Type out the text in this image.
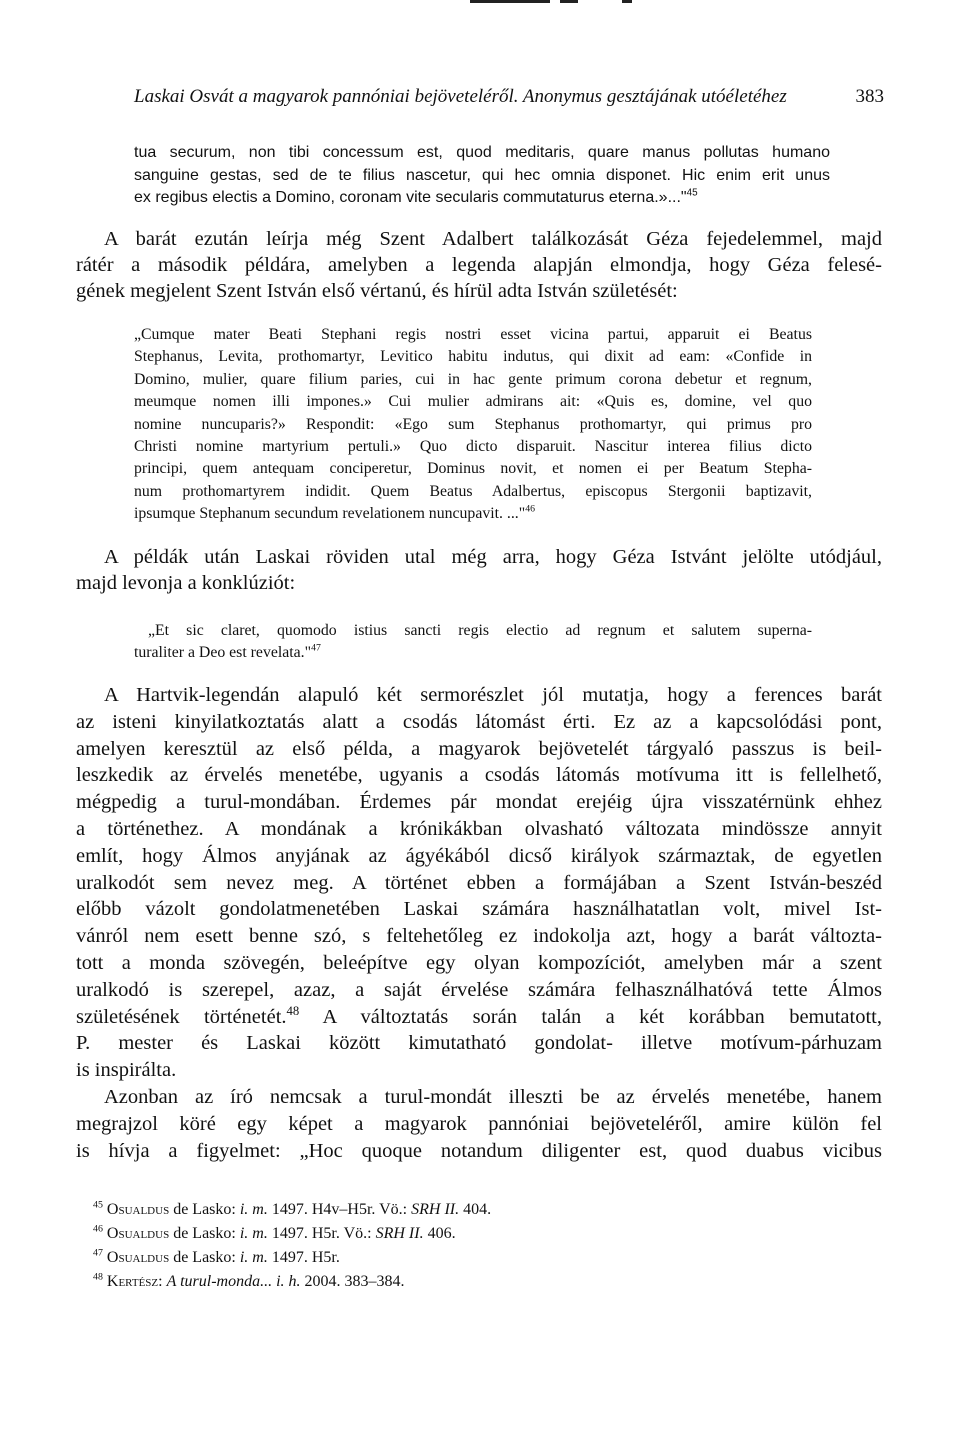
Laskai Osvát a magyarok pannóniai bejöveteléről. Anonymus gesztájának utóéletéhez	383
tua securum, non tibi concessum est, quod meditaris, quare manus pollutas humano
sanguine gestas, sed de te filius nascetur, qui hec omnia disponet. Hic enim erit unus
ex regibus electis a Domino, coronam vite secularis commutaturus eterna.»..."$^{45}$
A barát ezután leírja még Szent Adalbert találkozását Géza fejedelemmel, majd
rátér a második példára, amelyben a legenda alapján elmondja, hogy Géza felesé-
gének megjelent Szent István első vértanú, és hírül adta István születését:
„Cumque mater Beati Stephani regis nostri esset vicina partui, apparuit ei Beatus
Stephanus, Levita, prothomartyr, Levitico habitu indutus, qui dixit ad eam: «Confide in
Domino, mulier, quare filium paries, cui in hac gente primum corona debetur et regnum,
meumque nomen illi impones.» Cui mulier admirans ait: «Quis es, domine, vel quo
nomine nuncuparis?» Respondit: «Ego sum Stephanus prothomartyr, qui primus pro
Christi nomine martyrium pertuli.» Quo dicto disparuit. Nascitur interea filius dicto
principi, quem antequam conciperetur, Dominus novit, et nomen ei per Beatum Stepha-
num prothomartyrem indidit. Quem Beatus Adalbertus, episcopus Stergonii baptizavit,
ipsumque Stephanum secundum revelationem nuncupavit. ..."$^{46}$
A példák után Laskai röviden utal még arra, hogy Géza Istvánt jelölte utódjául,
majd levonja a konklúziót:
„Et sic claret, quomodo istius sancti regis electio ad regnum et salutem superna-
turaliter a Deo est revelata."$^{47}$
A Hartvik-legendán alapuló két sermorészlet jól mutatja, hogy a ferences barát
az isteni kinyilatkoztatás alatt a csodás látomást érti. Ez az a kapcsolódási pont,
amelyen keresztül az első példa, a magyarok bejövetelét tárgyaló passzus is beil-
leszkedik az érvelés menetébe, ugyanis a csodás látomás motívuma itt is fellelhető,
mégpedig a turul-mondában. Érdemes pár mondat erejéig újra visszatérnünk ehhez
a történethez. A mondának a krónikákban olvasható változata mindössze annyit
említ, hogy Álmos anyjának az ágyékából dicső királyok származtak, de egyetlen
uralkodót sem nevez meg. A történet ebben a formájában a Szent István-beszéd
előbb vázolt gondolatmenetében Laskai számára használhatatlan volt, mivel Ist-
vánról nem esett benne szó, s feltehetőleg ez indokolja azt, hogy a barát változta-
tott a monda szövegén, beleépítve egy olyan kompozíciót, amelyben már a szent
uralkodó is szerepel, azaz, a saját érvelése számára felhasználhatóvá tette Álmos
születésének történetét.$^{48}$ A változtatás során talán a két korábban bemutatott,
P. mester és Laskai között kimutatható gondolat- illetve motívum-párhuzam
is inspirálta.
Azonban az író nemcsak a turul-mondát illeszti be az érvelés menetébe, hanem
megrajzol köré egy képet a magyarok pannóniai bejöveteléről, amire külön fel
is hívja a figyelmet: „Hoc quoque notandum diligenter est, quod duabus vicibus
$^{45}$ Osualdus de Lasko: i. m. 1497. H4v–H5r. Vö.: SRH II. 404.
$^{46}$ Osualdus de Lasko: i. m. 1497. H5r. Vö.: SRH II. 406.
$^{47}$ Osualdus de Lasko: i. m. 1497. H5r.
$^{48}$ Kertész: A turul-monda... i. h. 2004. 383–384.
